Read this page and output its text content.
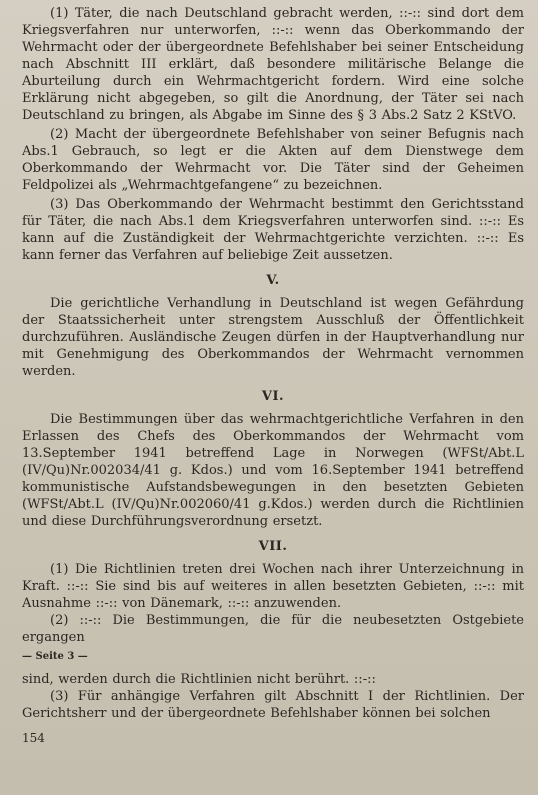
(1) Täter, die nach Deutschland gebracht werden, ::-:: sind dort dem Kriegsverfahren nur unterworfen, ::-:: wenn das Oberkommando der Wehrmacht oder der übergeordnete Befehlshaber bei seiner Entscheidung nach Abschnitt III erklärt, daß besondere militärische Belange die Aburteilung durch ein Wehrmachtgericht fordern. Wird eine solche Erklärung nicht abgegeben, so gilt die Anordnung, der Täter sei nach Deutschland zu bringen, als Abgabe im Sinne des § 3 Abs.2 Satz 2 KStVO.

(2) Macht der übergeordnete Befehlshaber von seiner Befugnis nach Abs.1 Gebrauch, so legt er die Akten auf dem Dienstwege dem Oberkommando der Wehrmacht vor. Die Täter sind der Geheimen Feldpolizei als „Wehrmachtgefangene“ zu bezeichnen.

(3) Das Oberkommando der Wehrmacht bestimmt den Gerichtsstand für Täter, die nach Abs.1 dem Kriegsverfahren unterworfen sind. ::-:: Es kann auf die Zuständigkeit der Wehrmachtgerichte verzichten. ::-:: Es kann ferner das Verfahren auf beliebige Zeit aussetzen.

V.

Die gerichtliche Verhandlung in Deutschland ist wegen Gefährdung der Staatssicherheit unter strengstem Ausschluß der Öffentlichkeit durchzuführen. Ausländische Zeugen dürfen in der Hauptverhandlung nur mit Genehmigung des Oberkommandos der Wehrmacht vernommen werden.

VI.

Die Bestimmungen über das wehrmachtgerichtliche Verfahren in den Erlassen des Chefs des Oberkommandos der Wehrmacht vom 13.September 1941 betreffend Lage in Norwegen (WFSt/Abt.L (IV/Qu)Nr.002034/41 g. Kdos.) und vom 16.September 1941 betreffend kommunistische Aufstandsbewegungen in den besetzten Gebieten (WFSt/Abt.L (IV/Qu)Nr.002060/41 g.Kdos.) werden durch die Richtlinien und diese Durchführungsverordnung ersetzt.

VII.

(1) Die Richtlinien treten drei Wochen nach ihrer Unterzeichnung in Kraft. ::-:: Sie sind bis auf weiteres in allen besetzten Gebieten, ::-:: mit Ausnahme ::-:: von Dänemark, ::-:: anzuwenden.

(2) ::-:: Die Bestimmungen, die für die neubesetzten Ostgebiete ergangen

— Seite 3 —

sind, werden durch die Richtlinien nicht berührt. ::-::

(3) Für anhängige Verfahren gilt Abschnitt I der Richtlinien. Der Gerichtsherr und der übergeordnete Befehlshaber können bei solchen

154
